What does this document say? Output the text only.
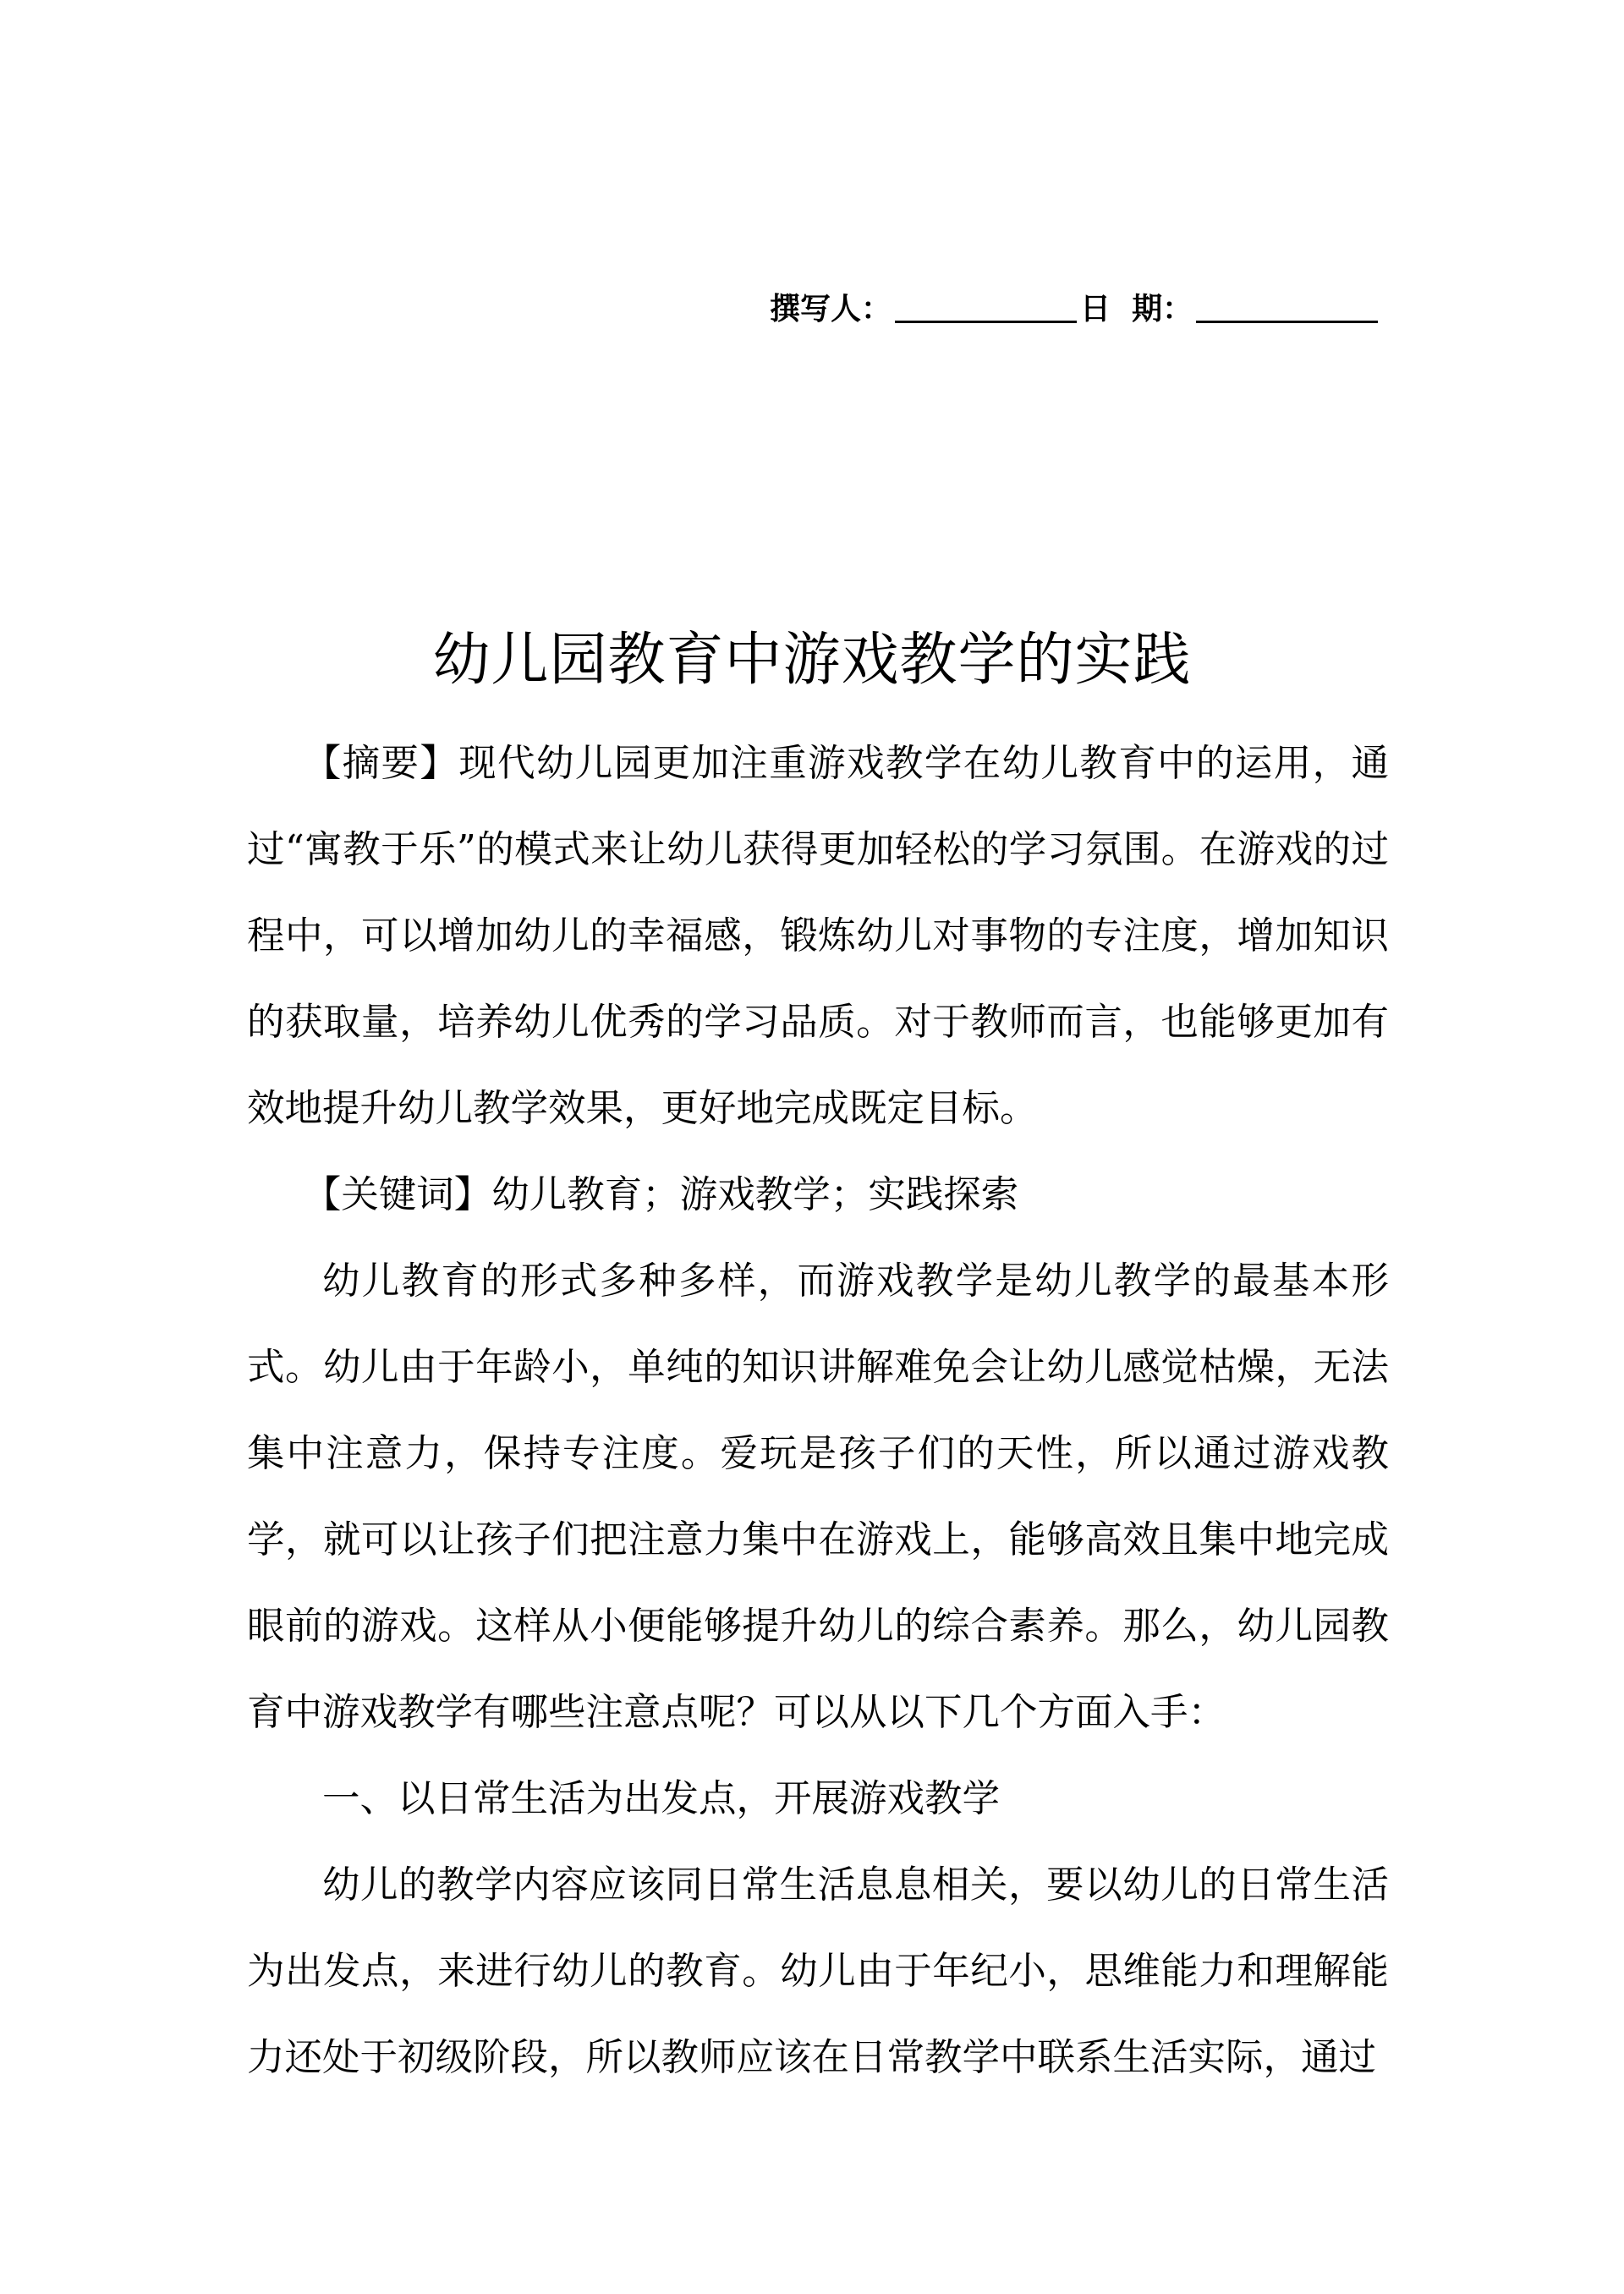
撰写人：	日  期：
幼儿园教育中游戏教学的实践

【摘要】现代幼儿园更加注重游戏教学在幼儿教育中的运用，通过“寓教于乐”的模式来让幼儿获得更加轻松的学习氛围。在游戏的过程中，可以增加幼儿的幸福感，锻炼幼儿对事物的专注度，增加知识的获取量，培养幼儿优秀的学习品质。对于教师而言，也能够更加有效地提升幼儿教学效果，更好地完成既定目标。

【关键词】幼儿教育；游戏教学；实践探索

幼儿教育的形式多种多样，而游戏教学是幼儿教学的最基本形式。幼儿由于年龄小，单纯的知识讲解难免会让幼儿感觉枯燥，无法集中注意力，保持专注度。爱玩是孩子们的天性，所以通过游戏教学，就可以让孩子们把注意力集中在游戏上，能够高效且集中地完成眼前的游戏。这样从小便能够提升幼儿的综合素养。那么，幼儿园教育中游戏教学有哪些注意点呢？可以从以下几个方面入手：

一、以日常生活为出发点，开展游戏教学

幼儿的教学内容应该同日常生活息息相关，要以幼儿的日常生活为出发点，来进行幼儿的教育。幼儿由于年纪小，思维能力和理解能力还处于初级阶段，所以教师应该在日常教学中联系生活实际，通过
